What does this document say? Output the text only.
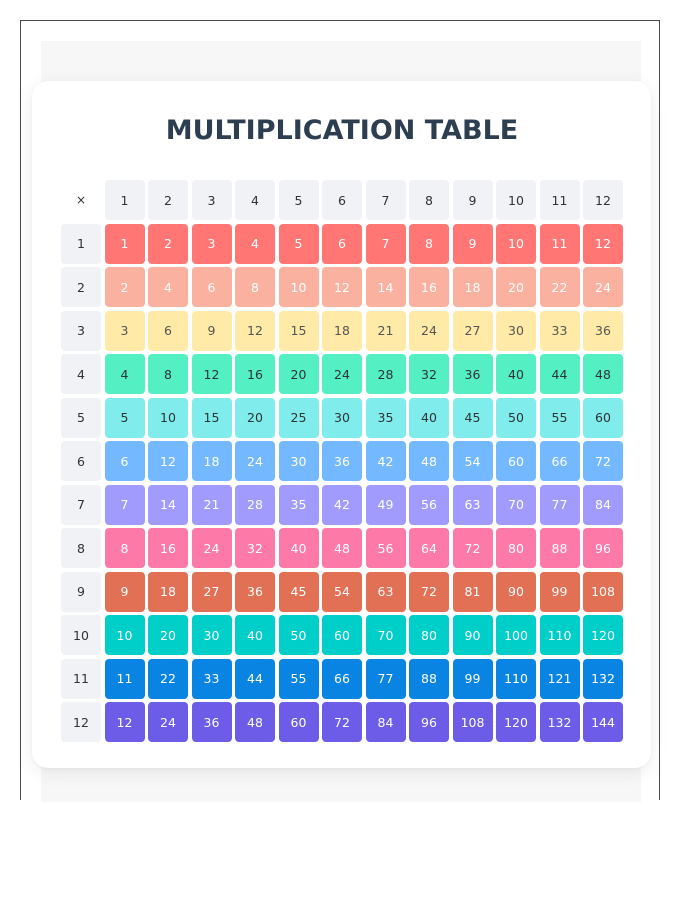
MULTIPLICATION TABLE
×	1	2	3	4	5	6	7	8	9	10	11	12
1	1	2	3	4	5	6	7	8	9	10	11	12
2	2	4	6	8	10	12	14	16	18	20	22	24
3	3	6	9	12	15	18	21	24	27	30	33	36
4	4	8	12	16	20	24	28	32	36	40	44	48
5	5	10	15	20	25	30	35	40	45	50	55	60
6	6	12	18	24	30	36	42	48	54	60	66	72
7	7	14	21	28	35	42	49	56	63	70	77	84
8	8	16	24	32	40	48	56	64	72	80	88	96
9	9	18	27	36	45	54	63	72	81	90	99	108
10	10	20	30	40	50	60	70	80	90	100	110	120
11	11	22	33	44	55	66	77	88	99	110	121	132
12	12	24	36	48	60	72	84	96	108	120	132	144
